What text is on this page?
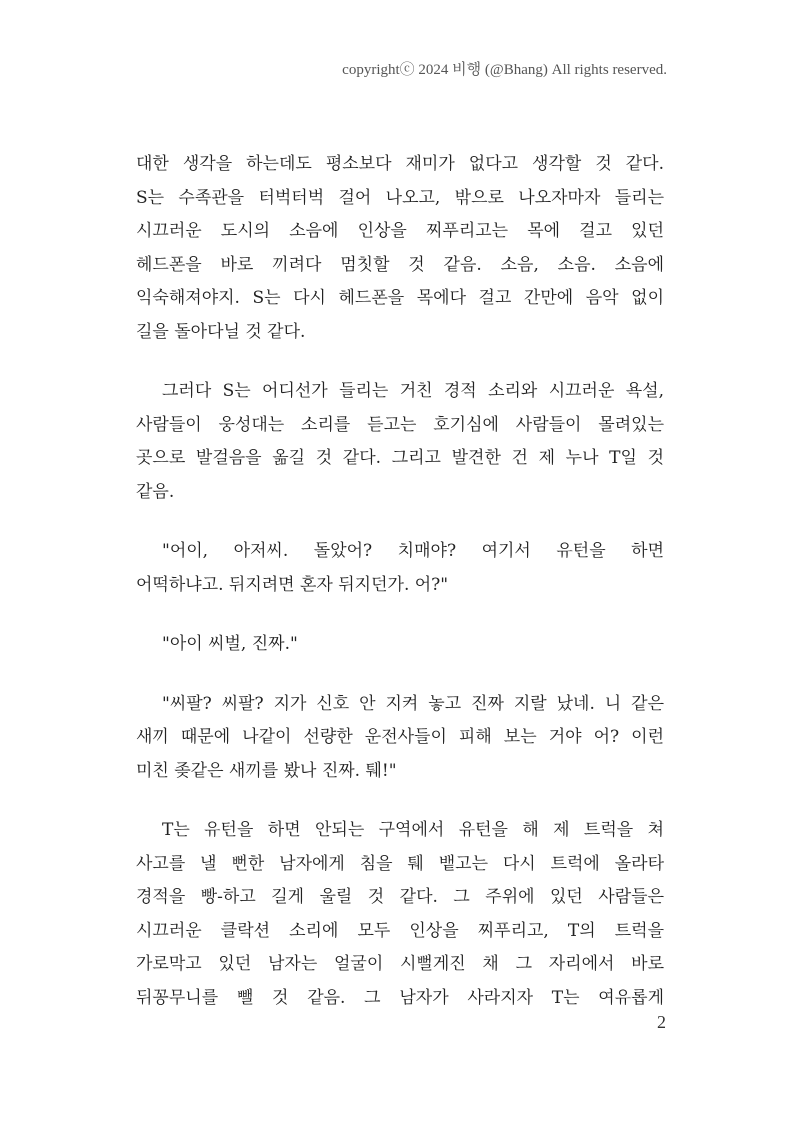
copyrightⓒ 2024 비행 (@Bhang) All rights reserved.
대한 생각을 하는데도 평소보다 재미가 없다고 생각할 것 같다.
S는 수족관을 터벅터벅 걸어 나오고, 밖으로 나오자마자 들리는
시끄러운 도시의 소음에 인상을 찌푸리고는 목에 걸고 있던
헤드폰을 바로 끼려다 멈칫할 것 같음. 소음, 소음. 소음에
익숙해져야지. S는 다시 헤드폰을 목에다 걸고 간만에 음악 없이
길을 돌아다닐 것 같다.
그러다 S는 어디선가 들리는 거친 경적 소리와 시끄러운 욕설,
사람들이 웅성대는 소리를 듣고는 호기심에 사람들이 몰려있는
곳으로 발걸음을 옮길 것 같다. 그리고 발견한 건 제 누나 T일 것
같음.
"어이, 아저씨. 돌았어? 치매야? 여기서 유턴을 하면
어떡하냐고. 뒤지려면 혼자 뒤지던가. 어?"
"아이 씨벌, 진짜."
"씨팔? 씨팔? 지가 신호 안 지켜 놓고 진짜 지랄 났네. 니 같은
새끼 때문에 나같이 선량한 운전사들이 피해 보는 거야 어? 이런
미친 좆같은 새끼를 봤나 진짜. 퉤!"
T는 유턴을 하면 안되는 구역에서 유턴을 해 제 트럭을 쳐
사고를 낼 뻔한 남자에게 침을 퉤 뱉고는 다시 트럭에 올라타
경적을 빵-하고 길게 울릴 것 같다. 그 주위에 있던 사람들은
시끄러운 클락션 소리에 모두 인상을 찌푸리고, T의 트럭을
가로막고 있던 남자는 얼굴이 시뻘게진 채 그 자리에서 바로
뒤꽁무니를 뺄 것 같음. 그 남자가 사라지자 T는 여유롭게
2
